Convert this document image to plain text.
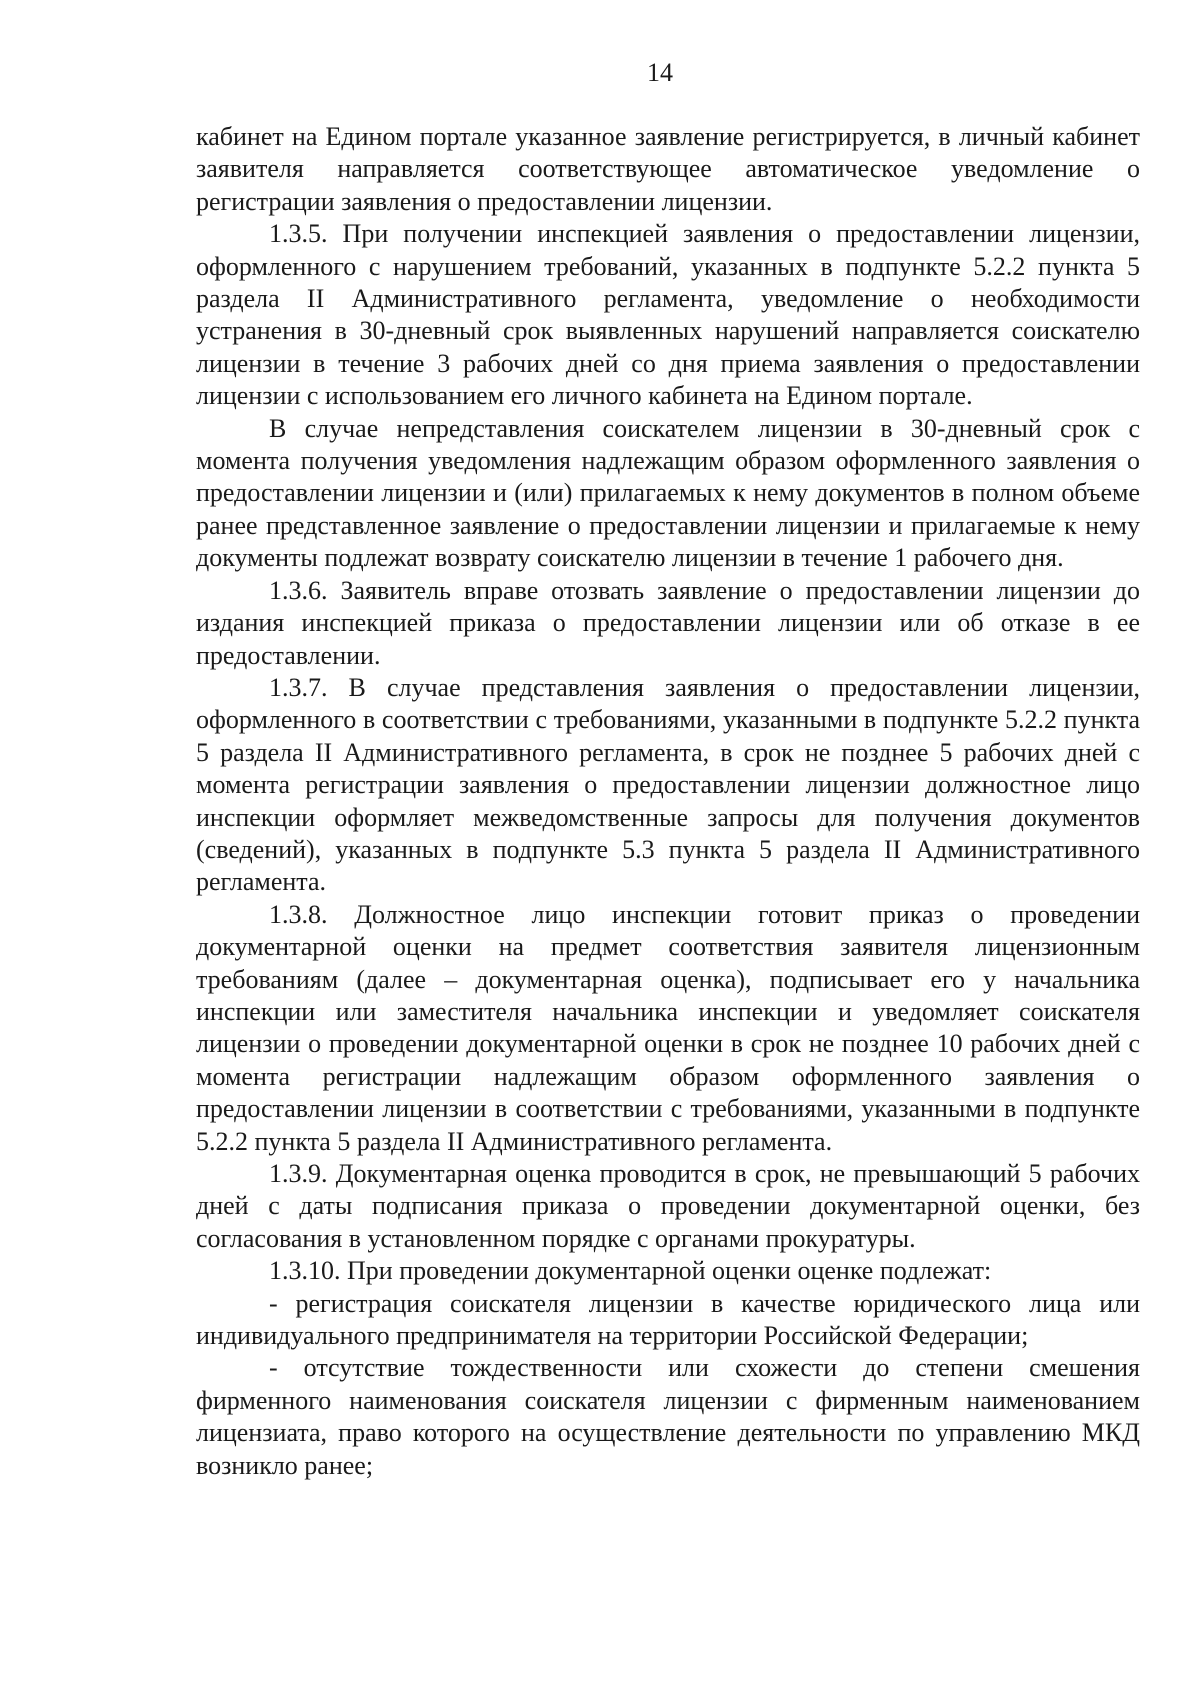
14

кабинет на Едином портале указанное заявление регистрируется, в личный кабинет заявителя направляется соответствующее автоматическое уведомление о регистрации заявления о предоставлении лицензии.

1.3.5. При получении инспекцией заявления о предоставлении лицензии, оформленного с нарушением требований, указанных в подпункте 5.2.2 пункта 5 раздела II Административного регламента, уведомление о необходимости устранения в 30-дневный срок выявленных нарушений направляется соискателю лицензии в течение 3 рабочих дней со дня приема заявления о предоставлении лицензии с использованием его личного кабинета на Едином портале.

В случае непредставления соискателем лицензии в 30-дневный срок с момента получения уведомления надлежащим образом оформленного заявления о предоставлении лицензии и (или) прилагаемых к нему документов в полном объеме ранее представленное заявление о предоставлении лицензии и прилагаемые к нему документы подлежат возврату соискателю лицензии в течение 1 рабочего дня.

1.3.6. Заявитель вправе отозвать заявление о предоставлении лицензии до издания инспекцией приказа о предоставлении лицензии или об отказе в ее предоставлении.

1.3.7. В случае представления заявления о предоставлении лицензии, оформленного в соответствии с требованиями, указанными в подпункте 5.2.2 пункта 5 раздела II Административного регламента, в срок не позднее 5 рабочих дней с момента регистрации заявления о предоставлении лицензии должностное лицо инспекции оформляет межведомственные запросы для получения документов (сведений), указанных в подпункте 5.3 пункта 5 раздела II Административного регламента.

1.3.8. Должностное лицо инспекции готовит приказ о проведении документарной оценки на предмет соответствия заявителя лицензионным требованиям (далее – документарная оценка), подписывает его у начальника инспекции или заместителя начальника инспекции и уведомляет соискателя лицензии о проведении документарной оценки в срок не позднее 10 рабочих дней с момента регистрации надлежащим образом оформленного заявления о предоставлении лицензии в соответствии с требованиями, указанными в подпункте 5.2.2 пункта 5 раздела II Административного регламента.

1.3.9. Документарная оценка проводится в срок, не превышающий 5 рабочих дней с даты подписания приказа о проведении документарной оценки, без согласования в установленном порядке с органами прокуратуры.

1.3.10. При проведении документарной оценки оценке подлежат:

- регистрация соискателя лицензии в качестве юридического лица или индивидуального предпринимателя на территории Российской Федерации;

- отсутствие тождественности или схожести до степени смешения фирменного наименования соискателя лицензии с фирменным наименованием лицензиата, право которого на осуществление деятельности по управлению МКД возникло ранее;
